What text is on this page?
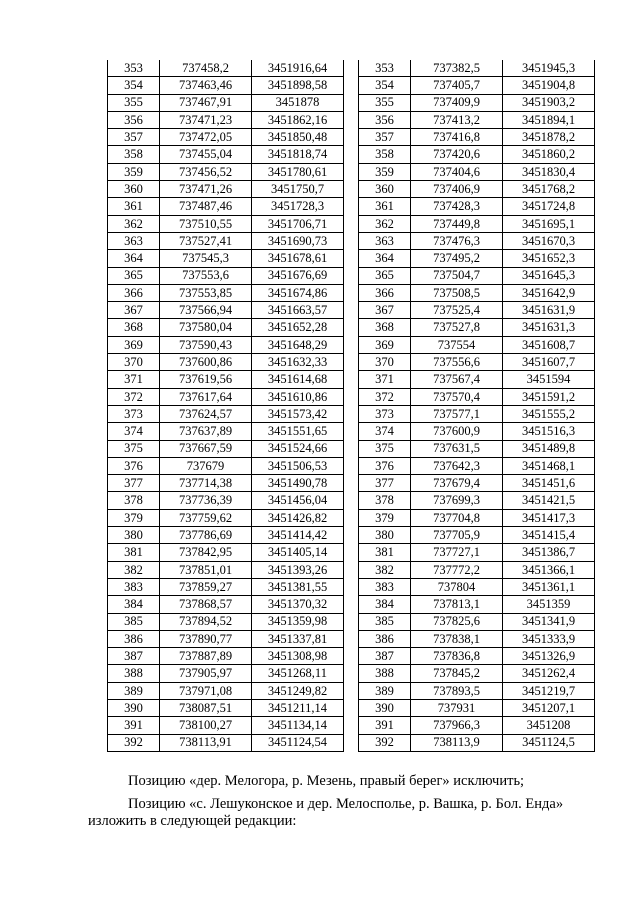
353	737458,2	3451916,64
354	737463,46	3451898,58
355	737467,91	3451878
356	737471,23	3451862,16
357	737472,05	3451850,48
358	737455,04	3451818,74
359	737456,52	3451780,61
360	737471,26	3451750,7
361	737487,46	3451728,3
362	737510,55	3451706,71
363	737527,41	3451690,73
364	737545,3	3451678,61
365	737553,6	3451676,69
366	737553,85	3451674,86
367	737566,94	3451663,57
368	737580,04	3451652,28
369	737590,43	3451648,29
370	737600,86	3451632,33
371	737619,56	3451614,68
372	737617,64	3451610,86
373	737624,57	3451573,42
374	737637,89	3451551,65
375	737667,59	3451524,66
376	737679	3451506,53
377	737714,38	3451490,78
378	737736,39	3451456,04
379	737759,62	3451426,82
380	737786,69	3451414,42
381	737842,95	3451405,14
382	737851,01	3451393,26
383	737859,27	3451381,55
384	737868,57	3451370,32
385	737894,52	3451359,98
386	737890,77	3451337,81
387	737887,89	3451308,98
388	737905,97	3451268,11
389	737971,08	3451249,82
390	738087,51	3451211,14
391	738100,27	3451134,14
392	738113,91	3451124,54
353	737382,5	3451945,3
354	737405,7	3451904,8
355	737409,9	3451903,2
356	737413,2	3451894,1
357	737416,8	3451878,2
358	737420,6	3451860,2
359	737404,6	3451830,4
360	737406,9	3451768,2
361	737428,3	3451724,8
362	737449,8	3451695,1
363	737476,3	3451670,3
364	737495,2	3451652,3
365	737504,7	3451645,3
366	737508,5	3451642,9
367	737525,4	3451631,9
368	737527,8	3451631,3
369	737554	3451608,7
370	737556,6	3451607,7
371	737567,4	3451594
372	737570,4	3451591,2
373	737577,1	3451555,2
374	737600,9	3451516,3
375	737631,5	3451489,8
376	737642,3	3451468,1
377	737679,4	3451451,6
378	737699,3	3451421,5
379	737704,8	3451417,3
380	737705,9	3451415,4
381	737727,1	3451386,7
382	737772,2	3451366,1
383	737804	3451361,1
384	737813,1	3451359
385	737825,6	3451341,9
386	737838,1	3451333,9
387	737836,8	3451326,9
388	737845,2	3451262,4
389	737893,5	3451219,7
390	737931	3451207,1
391	737966,3	3451208
392	738113,9	3451124,5

Позицию «дер. Мелогора, р. Мезень, правый берег» исключить;

Позицию «с. Лешуконское и дер. Мелосполье, р. Вашка, р. Бол. Енда» изложить в следующей редакции:
